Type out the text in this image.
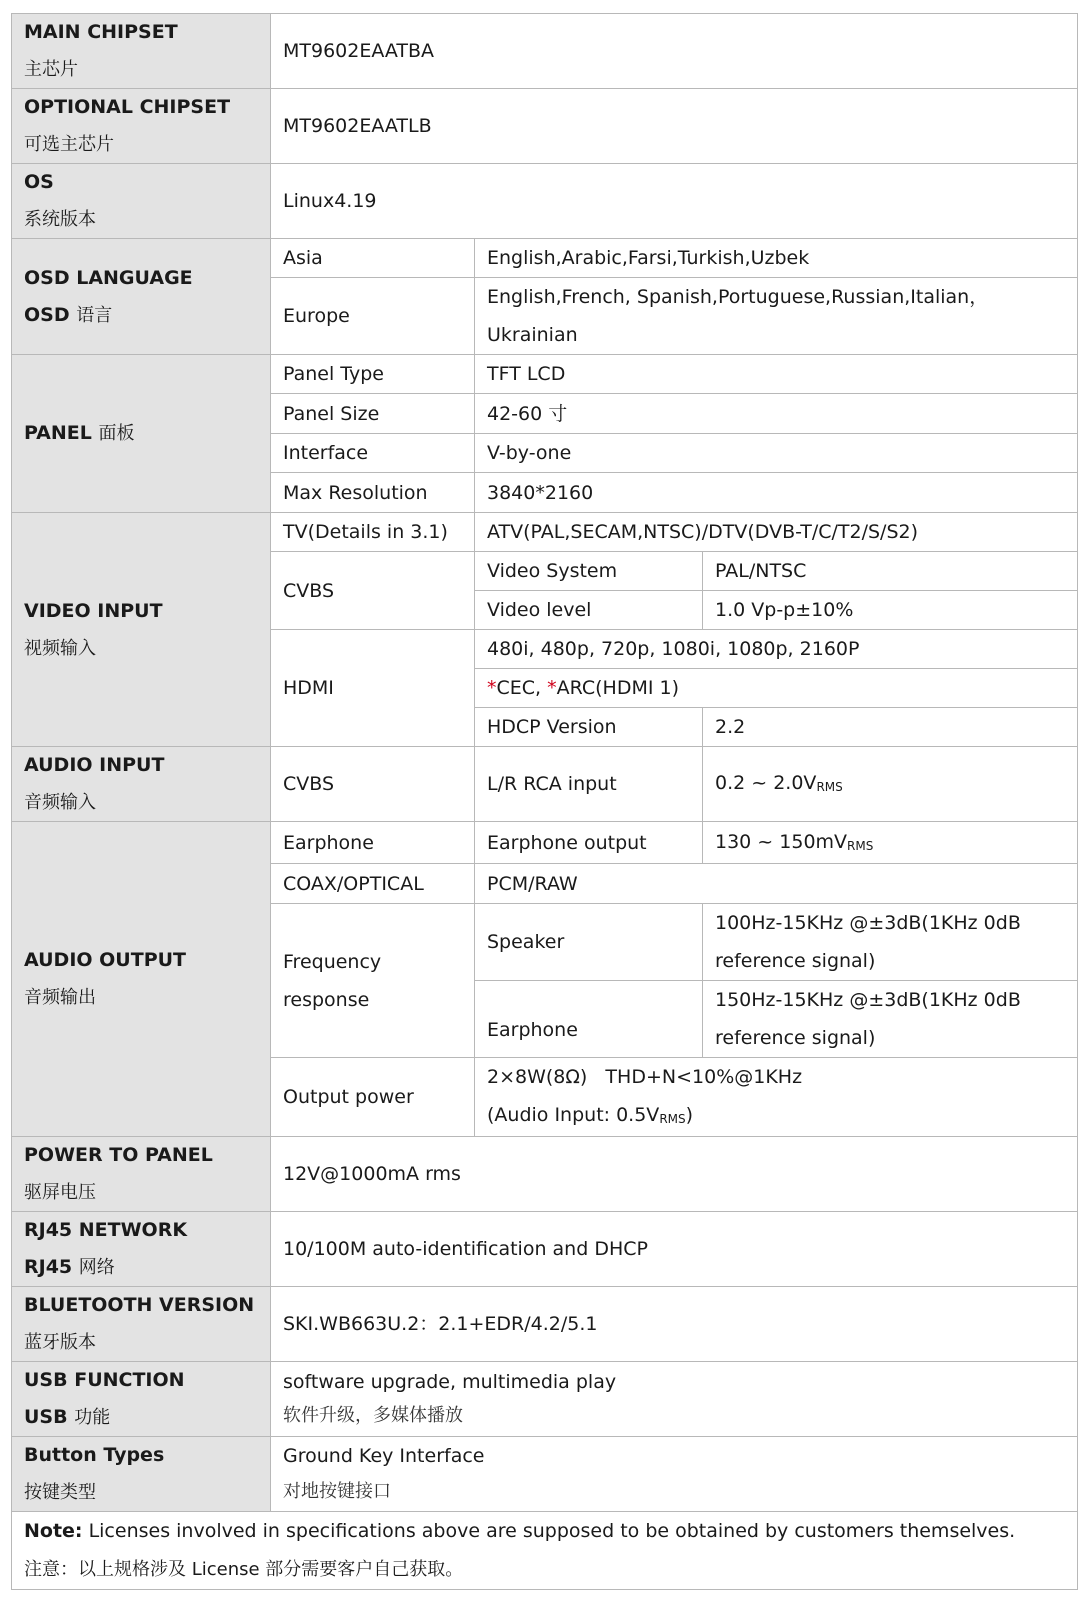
MAIN CHIPSET
主芯片	MT9602EAATBA		
OPTIONAL CHIPSET
可选主芯片	MT9602EAATLB		
OS
系统版本	Linux4.19		
OSD LANGUAGE
OSD 语言	Asia	English,Arabic,Farsi,Turkish,Uzbek	
	Europe	English,French, Spanish,Portuguese,Russian,Italian，Ukrainian	
PANEL 面板	Panel Type	TFT LCD	
	Panel Size	42-60 寸	
	Interface	V-by-one	
	Max Resolution	3840*2160	
VIDEO INPUT
视频输入	TV(Details in 3.1)	ATV(PAL,SECAM,NTSC)/DTV(DVB-T/C/T2/S/S2)	
	CVBS	Video System	PAL/NTSC
		Video level	1.0 Vp-p±10%
	HDMI	480i, 480p, 720p, 1080i, 1080p, 2160P	
		*CEC, *ARC(HDMI 1)	
		HDCP Version	2.2
AUDIO INPUT
音频输入	CVBS	L/R RCA input	0.2 ~ 2.0VRMS
AUDIO OUTPUT
音频输出	Earphone	Earphone output	130 ~ 150mVRMS
	COAX/OPTICAL	PCM/RAW	
	Frequency response	Speaker	100Hz-15KHz @±3dB(1KHz 0dB reference signal)
		Earphone	150Hz-15KHz @±3dB(1KHz 0dB reference signal)
	Output power	2×8W(8Ω)   THD+N<10%@1KHz
(Audio Input: 0.5VRMS)	
POWER TO PANEL
驱屏电压	12V@1000mA rms		
RJ45 NETWORK
RJ45 网络	10/100M auto-identification and DHCP		
BLUETOOTH VERSION
蓝牙版本	SKI.WB663U.2：2.1+EDR/4.2/5.1		
USB FUNCTION
USB 功能	software upgrade, multimedia play
软件升级，多媒体播放		
Button Types
按键类型	Ground Key Interface
对地按键接口		
Note: Licenses involved in specifications above are supposed to be obtained by customers themselves.
注意：以上规格涉及 License 部分需要客户自己获取。			
